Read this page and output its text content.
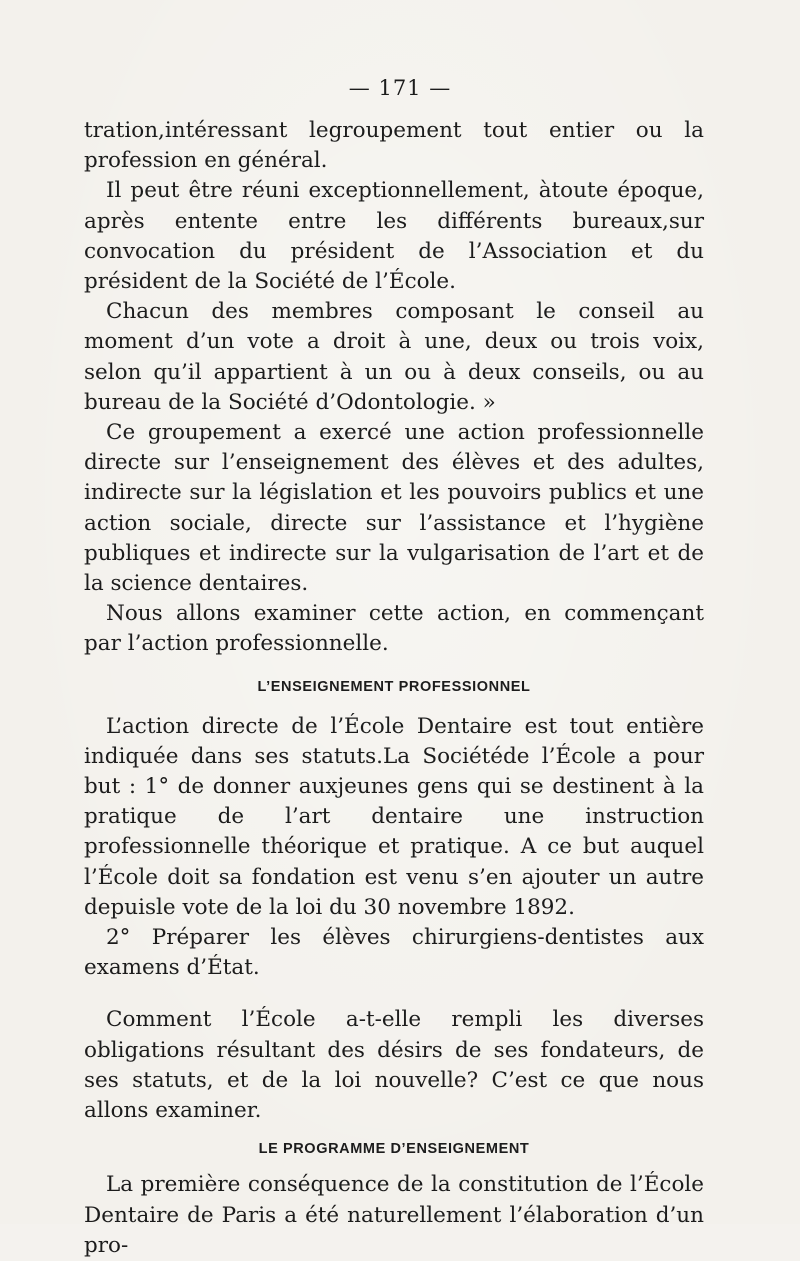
— 171 —

tration,intéressant legroupement tout entier ou la profession en général.

Il peut être réuni exceptionnellement, àtoute époque, après entente entre les différents bureaux,sur convocation du président de l’Association et du président de la Société de l’École.

Chacun des membres composant le conseil au moment d’un vote a droit à une, deux ou trois voix, selon qu’il appartient à un ou à deux conseils, ou au bureau de la Société d’Odontologie. »

Ce groupement a exercé une action professionnelle directe sur l’enseignement des élèves et des adultes, indirecte sur la législation et les pouvoirs publics et une action sociale, directe sur l’assistance et l’hygiène publiques et indirecte sur la vulgarisation de l’art et de la science dentaires.

Nous allons examiner cette action, en commençant par l’action professionnelle.

L’ENSEIGNEMENT PROFESSIONNEL

L’action directe de l’École Dentaire est tout entière indiquée dans ses statuts.La Sociétéde l’École a pour but : 1° de donner auxjeunes gens qui se destinent à la pratique de l’art dentaire une instruction professionnelle théorique et pratique. A ce but auquel l’École doit sa fondation est venu s’en ajouter un autre depuisle vote de la loi du 30 novembre 1892.

2° Préparer les élèves chirurgiens-dentistes aux examens d’État.

Comment l’École a-t-elle rempli les diverses obligations résultant des désirs de ses fondateurs, de ses statuts, et de la loi nouvelle? C’est ce que nous allons examiner.

LE PROGRAMME D’ENSEIGNEMENT

La première conséquence de la constitution de l’École Dentaire de Paris a été naturellement l’élaboration d’un pro-
